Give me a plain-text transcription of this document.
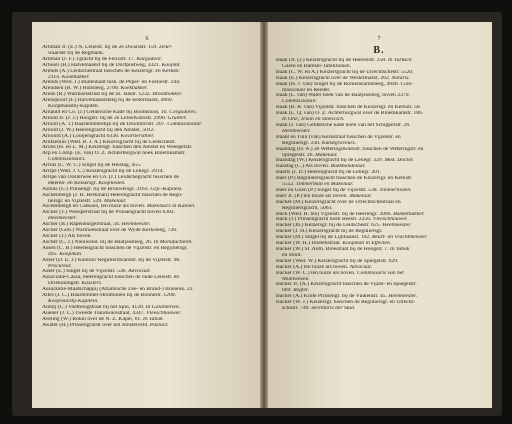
6
Arbman Jr. (E.) N. Leliestr. bij de 2e Dwarsstr. 159. Deur-
waarder bij de Regtbank.
Arbman (J. F.) Tgracht bij de Felixstr. 17. Kurgadoor.
Arbooh (H.) Halvemaanst bij de Dorfpostweg, 3321. Koopmr.
Arends (A.) Leidschestraat tusschen de Keizersgr. en Kerkstr.
2114. Kookhakker.
Arends (Wed. J.) Buitenkant tusn. de Peper- en Foeliestr. 244.
Arendsen (B. W.) Hubsteeg, 2700. Koekbakker.
Arens (R.) Warmoesstraat bij de St. Janstr. 1232. Broodbakker.
Arenspoort (F.) Halvemaanssteeg bij de Botermarkt, 4669.
Koopmansbij-Kapiten.
Arnauld en Co. (J.) Geldersche Kade bij Boomsloot, 10. Corgadores.
Arnold Jr. (J. J.) Hoogstr. bij de 2e Leliedwarsstr. 2990. Gruitter.
Arnold (A. J.) Baarlemmerdijk bij de Droomnvstr. 207. Commissionair.
Arnold (J. W.) Heerengracht bij den Amstel, 5012.
Arnould (A.) Looijersgracht 6336. Kwartiersthier.
Arntzenius (Wed. B. J. A.) Keizersgracht bij de Leidschestr.
Arons (H. en L. M.) Keizersgr. tusschen den Amstel en Weesperstr.
Arp en Comp. (E. van) O. Z. Achterburgwal hoek Bloemkamstr.
Commissionairs.
Arrius (C. W. C.) Singel bij de Heistag, 455.
Arripe (Wed. J. C.) Keizersgracht bij de Leliegr. 2914.
Arripe van Oosterwee en Co. (J.) Leidschegracht tusschen de
Heeren- en Keizersgr. Koopliëden.
Asmus (G.) Prinsengr. bij de Brouwersgr. 3163. Grp.-Kapiteis.
Aschenbergh (J. H. Berkman) Heerengracht tusschen de Regu-
liersgr. en Vijzelstr. 539. Makelaar.
Aschenbergh en Calkoen, ten huize als boven. Makelaars in Katoen.
Ascher (T.) Weesperstraat bij de Prinsengracht boven 6302.
Heelmeester.
Ascher (B.) Rapenburgerstraat, 34. Heelmeester.
Ascher (Gob.) Warmoesstraat over de Wyde Kerksteeg, 726.
Ascher (J.) Als boven.
Ascher (C. J.) Nieuwend. bij de Baafjessteeg, 26. In Manufacturen.
Assen (C. B.) Heerengracht tusschen de Vijzelstr. en Reguliersgr.
495. Koopman.
Asser (D. E. J.) Kantoor Regulierdwarsstr. bij de Vijzelstr. 98.
Procureur.
Asser (E.) Singel bij de Vijzelstr. 536. Advocaat.
Associatie-Cassa, Heerengracht tusschen de oude Leliestr. en
Driekoningstr. Kassiers.
Assurantie-Maatschappij (Atlantische Zee- en Brand-) Binnenk. 22.
Altes (J. C.) Haarlemmer-Houttuinen bij de Bonnestr. 1200.
Koopvaardij-Kapitein.
Aubirj (C.) Voetboogstraat bij het Spui, 4120. In Galanterien.
Auener (J. C.) Tweede Tuindwarsstraat, 4347. Vleeschhouwer.
Aveling (W.) Rokin over de N. Z. Kapel, 61. In Tabak.
Awater (H.) Prinsengracht over het Amstelveld. Pastoor.
7
B.
Baak (Jr. (J.) Keizersgracht bij de Heerenstr. 258. In Turksch
Garen en Hamsel-Tafelilinnen.
Baak (C. W. en A.) Keizersgracht bij de Utrechtschestr. 5520.
Baak (E.) Keizersgracht over de Westermarkt, 262. Notaris.
Baak (H. J. van) Singel bij de Romeinsarmsteeg, 4946. Com-
missionair en Reeder.
Baak (L. van) Water hoek van de Baafjessteeg, boven 2379.
Commissionair.
Baak (B. R. van) Vijzelstr. tusschen de Keizersgr. en Kerkstr. 50.
Baak (L. Q. van) O. Z. Achterburgwal over de Bloemkamstr. 186.
In Olie, Traan en Stokvisch.
Baak (J. van) Geldersche kade hoek van het Schipperstr. 26.
Heelmeester.
Baant en Tuin (van) Kerkstraat tusschen de Vijzelstr. en
Reguliersgr. 230. Kunstgraveurs.
Baandag (H. A.) 2e Weteringdwarsstr. tusschen de Weteringstr. en
Spiegelstr. 26. Makelaar.
Baandag (W.) Keizersgracht bij de Leliegr. 329. Med. Doctor.
Baastag (C.) Als boven. Boekhandelaar.
Baarts (J. D.) Heerengracht bij de Leliegr. 201.
Baer (P.) Regulieersgracht tusschen de Keizersgr. en Kerkstr.
5552. Timmerman en Makelaar.
Baer en Goen (P.) Singel bij de Vijzelstr. 538. Timmerlieden.
Baer Jr. (P.) ten huize als boven. Makelaar.
Backer (M.) Keizersgracht over de Utrechtschestraat en
Reguliersgracht, 5063.
Back (Wed. H. ten) Vijzelstr. bij de Heerengr. 3096. Banketbakker.
Back (J.) Prinsengracht hoek Reestr. 2256. Vleeschhouwer.
Backer (Jh.) Keizersgr. bij de Leidschestr. 625. Heelmeester.
Backer (J. H.) Keizersgracht bij de Reguliersgr.
Backer (M.) Singel bij de Lijnbaanst. 192. Beurt- en Vrachtmeester.
Backer (W. H.) Doelenstraat. Koopman in Effecten.
Backer (W.) St. Anth. Breestraat bij de Hoogstr. 7. In Tabak
en Snuif.
Backer (Wed. W.) Keizersgracht bij de Spiegelstr. 629.
Backer (A.) ten huize als boven. Advocaat.
Backer (W. C.) ten huize als boven. Commissaris van het
Muntwezen.
Backer Jr. (A.) Keizersgracht tusschen de Vijzel- en Spiegelstr.
669. Regter.
Backer (A.) Korte Prinsengr. bij de Vinkenstr. 45. Heelmeester.
Backer (W. J.) Keizersgr. tusschen de Reguliersgr. en Utrecht-
schestr. 749. Secretaris der Stad.
